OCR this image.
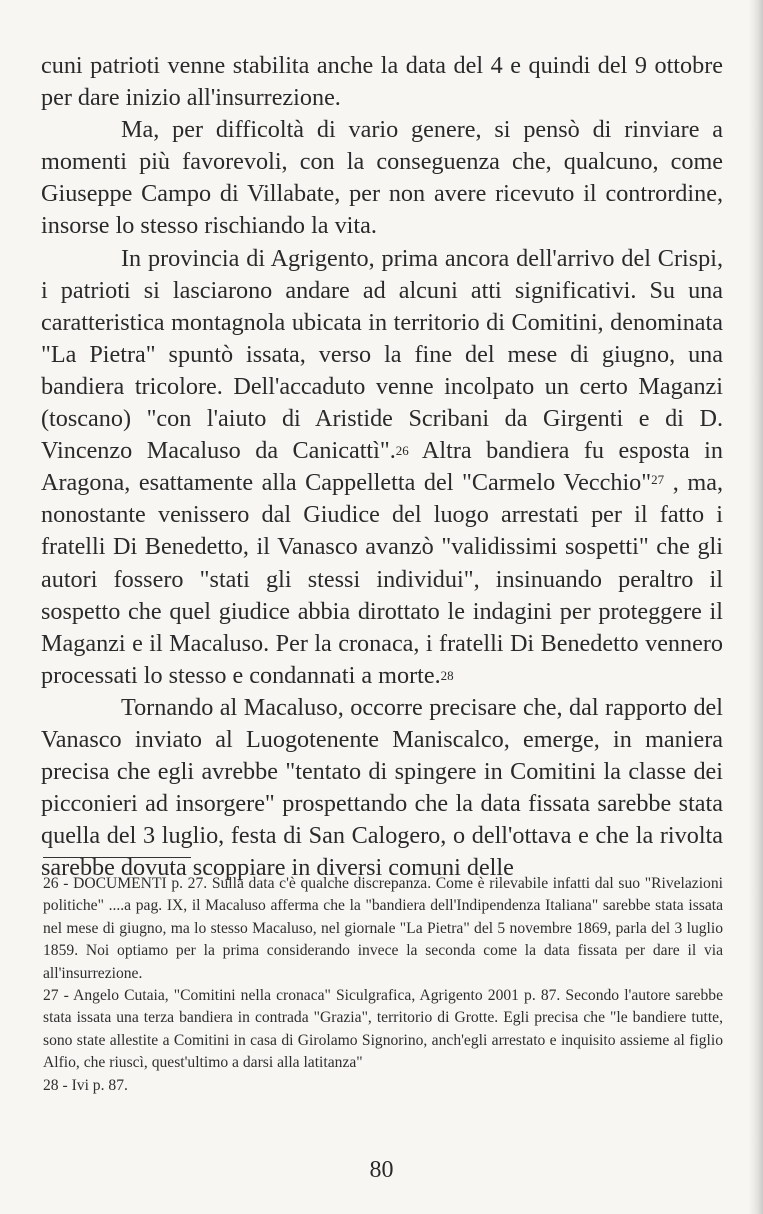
cuni patrioti venne stabilita anche la data del 4 e quindi del 9 ottobre per dare inizio all'insurrezione.

Ma, per difficoltà di vario genere, si pensò di rinviare a momenti più favorevoli, con la conseguenza che, qualcuno, come Giuseppe Campo di Villabate, per non avere ricevuto il contrordine, insorse lo stesso rischiando la vita.

In provincia di Agrigento, prima ancora dell'arrivo del Crispi, i patrioti si lasciarono andare ad alcuni atti significativi. Su una caratteristica montagnola ubicata in territorio di Comitini, denominata "La Pietra" spuntò issata, verso la fine del mese di giugno, una bandiera tricolore. Dell'accaduto venne incolpato un certo Maganzi (toscano) "con l'aiuto di Aristide Scribani da Girgenti e di D. Vincenzo Macaluso da Canicattì".26 Altra bandiera fu esposta in Aragona, esattamente alla Cappelletta del "Carmelo Vecchio"$^{27}$ , ma, nonostante venissero dal Giudice del luogo arrestati per il fatto i fratelli Di Benedetto, il Vanasco avanzò "validissimi sospetti" che gli autori fossero "stati gli stessi individui", insinuando peraltro il sospetto che quel giudice abbia dirottato le indagini per proteggere il Maganzi e il Macaluso. Per la cronaca, i fratelli Di Benedetto vennero processati lo stesso e condannati a morte.28

Tornando al Macaluso, occorre precisare che, dal rapporto del Vanasco inviato al Luogotenente Maniscalco, emerge, in maniera precisa che egli avrebbe "tentato di spingere in Comitini la classe dei picconieri ad insorgere" prospettando che la data fissata sarebbe stata quella del 3 luglio, festa di San Calogero, o dell'ottava e che la rivolta sarebbe dovuta scoppiare in diversi comuni delle

26 - DOCUMENTI p. 27. Sulla data c'è qualche discrepanza. Come è rilevabile infatti dal suo "Rivelazioni politiche" ....a pag. IX, il Macaluso afferma che la "bandiera dell'Indipendenza Italiana" sarebbe stata issata nel mese di giugno, ma lo stesso Macaluso, nel giornale "La Pietra" del 5 novembre 1869, parla del 3 luglio 1859. Noi optiamo per la prima considerando invece la seconda come la data fissata per dare il via all'insurrezione.

27 - Angelo Cutaia, "Comitini nella cronaca" Siculgrafica, Agrigento 2001 p. 87. Secondo l'autore sarebbe stata issata una terza bandiera in contrada "Grazia", territorio di Grotte. Egli precisa che "le bandiere tutte, sono state allestite a Comitini in casa di Girolamo Signorino, anch'egli arrestato e inquisito assieme al figlio Alfio, che riuscì, quest'ultimo a darsi alla latitanza"

28 - Ivi p. 87.

80
